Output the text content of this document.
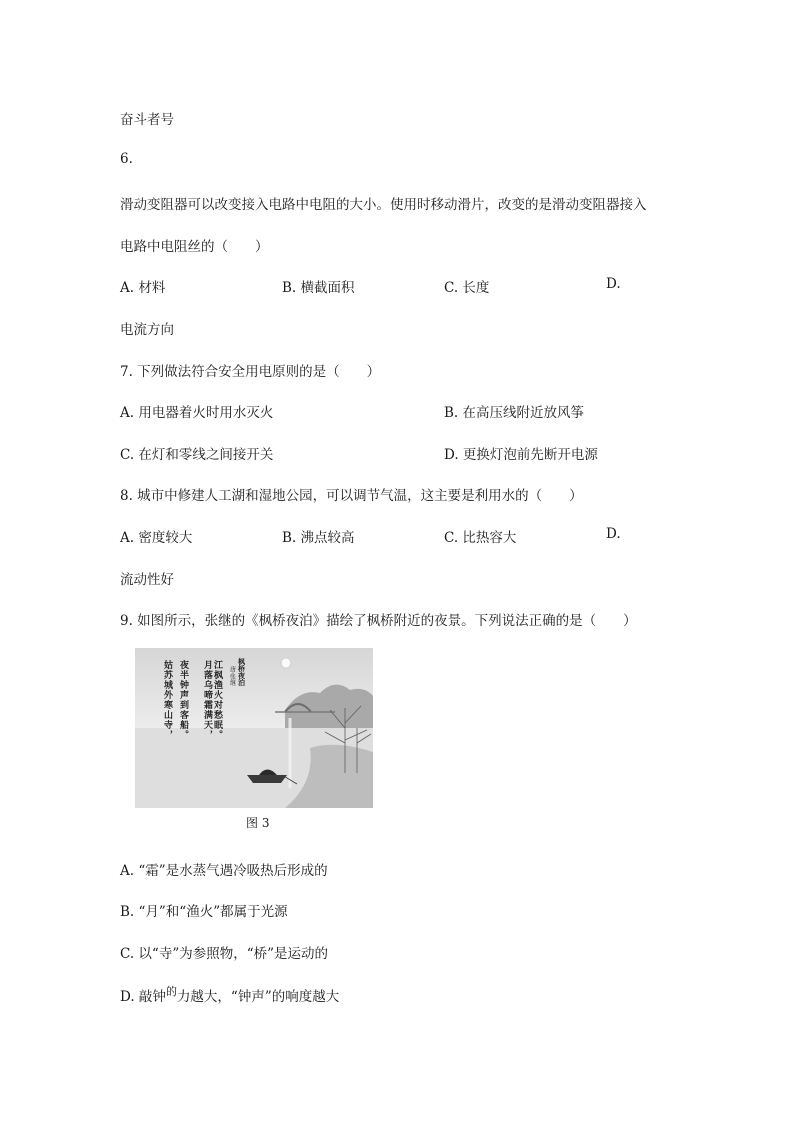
奋斗者号
6.
滑动变阻器可以改变接入电路中电阻的大小。使用时移动滑片，改变的是滑动变阻器接入
电路中电阻丝的（　　）
A. 材料	B. 横截面积	C. 长度	D.
电流方向
7. 下列做法符合安全用电原则的是（　　）
A. 用电器着火时用水灭火	B. 在高压线附近放风筝
C. 在灯和零线之间接开关	D. 更换灯泡前先断开电源
8. 城市中修建人工湖和湿地公园，可以调节气温，这主要是利用水的（　　）
A. 密度较大	B. 沸点较高	C. 比热容大	D.
流动性好
9. 如图所示，张继的《枫桥夜泊》描绘了枫桥附近的夜景。下列说法正确的是（　　）
夜半钟声到客船。
姑苏城外寒山寺，	江枫渔火对愁眠。
月落乌啼霜满天，	枫桥夜泊
唐·张继
图 3
A. “霜”是水蒸气遇冷吸热后形成的
B. “月”和“渔火”都属于光源
C. 以“寺”为参照物，“桥”是运动的
D. 敲钟$^的$力越大，“钟声”的响度越大
